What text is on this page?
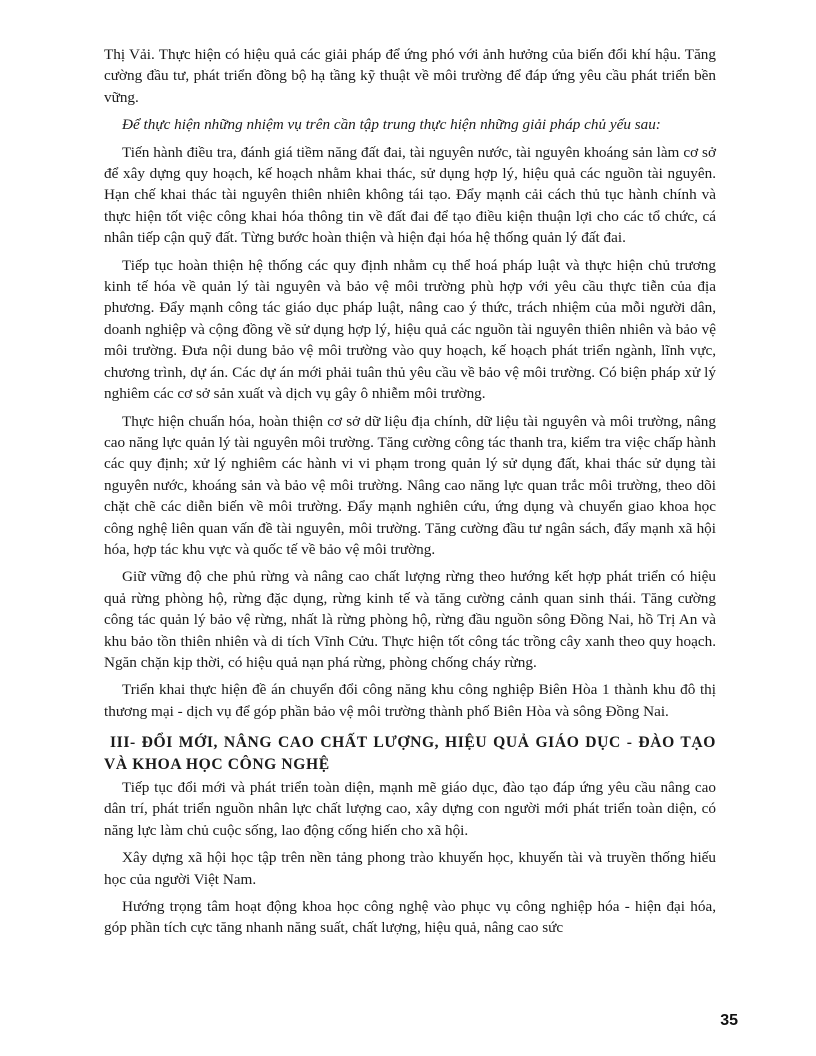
Thị Vải. Thực hiện có hiệu quả các giải pháp để ứng phó với ảnh hưởng của biến đổi khí hậu. Tăng cường đầu tư, phát triển đồng bộ hạ tầng kỹ thuật về môi trường để đáp ứng yêu cầu phát triển bền vững.

Để thực hiện những nhiệm vụ trên cần tập trung thực hiện những giải pháp chủ yếu sau:

Tiến hành điều tra, đánh giá tiềm năng đất đai, tài nguyên nước, tài nguyên khoáng sản làm cơ sở để xây dựng quy hoạch, kế hoạch nhằm khai thác, sử dụng hợp lý, hiệu quả các nguồn tài nguyên. Hạn chế khai thác tài nguyên thiên nhiên không tái tạo. Đẩy mạnh cải cách thủ tục hành chính và thực hiện tốt việc công khai hóa thông tin về đất đai để tạo điều kiện thuận lợi cho các tổ chức, cá nhân tiếp cận quỹ đất. Từng bước hoàn thiện và hiện đại hóa hệ thống quản lý đất đai.

Tiếp tục hoàn thiện hệ thống các quy định nhằm cụ thể hoá pháp luật và thực hiện chủ trương kinh tế hóa về quản lý tài nguyên và bảo vệ môi trường phù hợp với yêu cầu thực tiễn của địa phương. Đẩy mạnh công tác giáo dục pháp luật, nâng cao ý thức, trách nhiệm của mỗi người dân, doanh nghiệp và cộng đồng về sử dụng hợp lý, hiệu quả các nguồn tài nguyên thiên nhiên và bảo vệ môi trường. Đưa nội dung bảo vệ môi trường vào quy hoạch, kế hoạch phát triển ngành, lĩnh vực, chương trình, dự án. Các dự án mới phải tuân thủ yêu cầu về bảo vệ môi trường. Có biện pháp xử lý nghiêm các cơ sở sản xuất và dịch vụ gây ô nhiễm môi trường.

Thực hiện chuẩn hóa, hoàn thiện cơ sở dữ liệu địa chính, dữ liệu tài nguyên và môi trường, nâng cao năng lực quản lý tài nguyên môi trường. Tăng cường công tác thanh tra, kiểm tra việc chấp hành các quy định; xử lý nghiêm các hành vi vi phạm trong quản lý sử dụng đất, khai thác sử dụng tài nguyên nước, khoáng sản và bảo vệ môi trường. Nâng cao năng lực quan trắc môi trường, theo dõi chặt chẽ các diễn biến về môi trường. Đẩy mạnh nghiên cứu, ứng dụng và chuyển giao khoa học công nghệ liên quan vấn đề tài nguyên, môi trường. Tăng cường đầu tư ngân sách, đẩy mạnh xã hội hóa, hợp tác khu vực và quốc tế về bảo vệ môi trường.

Giữ vững độ che phủ rừng và nâng cao chất lượng rừng theo hướng kết hợp phát triển có hiệu quả rừng phòng hộ, rừng đặc dụng, rừng kinh tế và tăng cường cảnh quan sinh thái. Tăng cường công tác quản lý bảo vệ rừng, nhất là rừng phòng hộ, rừng đầu nguồn sông Đồng Nai, hồ Trị An và khu bảo tồn thiên nhiên và di tích Vĩnh Cửu. Thực hiện tốt công tác trồng cây xanh theo quy hoạch. Ngăn chặn kịp thời, có hiệu quả nạn phá rừng, phòng chống cháy rừng.

Triển khai thực hiện đề án chuyển đổi công năng khu công nghiệp Biên Hòa 1 thành khu đô thị thương mại - dịch vụ để góp phần bảo vệ môi trường thành phố Biên Hòa và sông Đồng Nai.

III- ĐỔI MỚI, NÂNG CAO CHẤT LƯỢNG, HIỆU QUẢ GIÁO DỤC - ĐÀO TẠO VÀ KHOA HỌC CÔNG NGHỆ

Tiếp tục đổi mới và phát triển toàn diện, mạnh mẽ giáo dục, đào tạo đáp ứng yêu cầu nâng cao dân trí, phát triển nguồn nhân lực chất lượng cao, xây dựng con người mới phát triển toàn diện, có năng lực làm chủ cuộc sống, lao động cống hiến cho xã hội.

Xây dựng xã hội học tập trên nền tảng phong trào khuyến học, khuyến tài và truyền thống hiếu học của người Việt Nam.

Hướng trọng tâm hoạt động khoa học công nghệ vào phục vụ công nghiệp hóa - hiện đại hóa, góp phần tích cực tăng nhanh năng suất, chất lượng, hiệu quả, nâng cao sức

35
